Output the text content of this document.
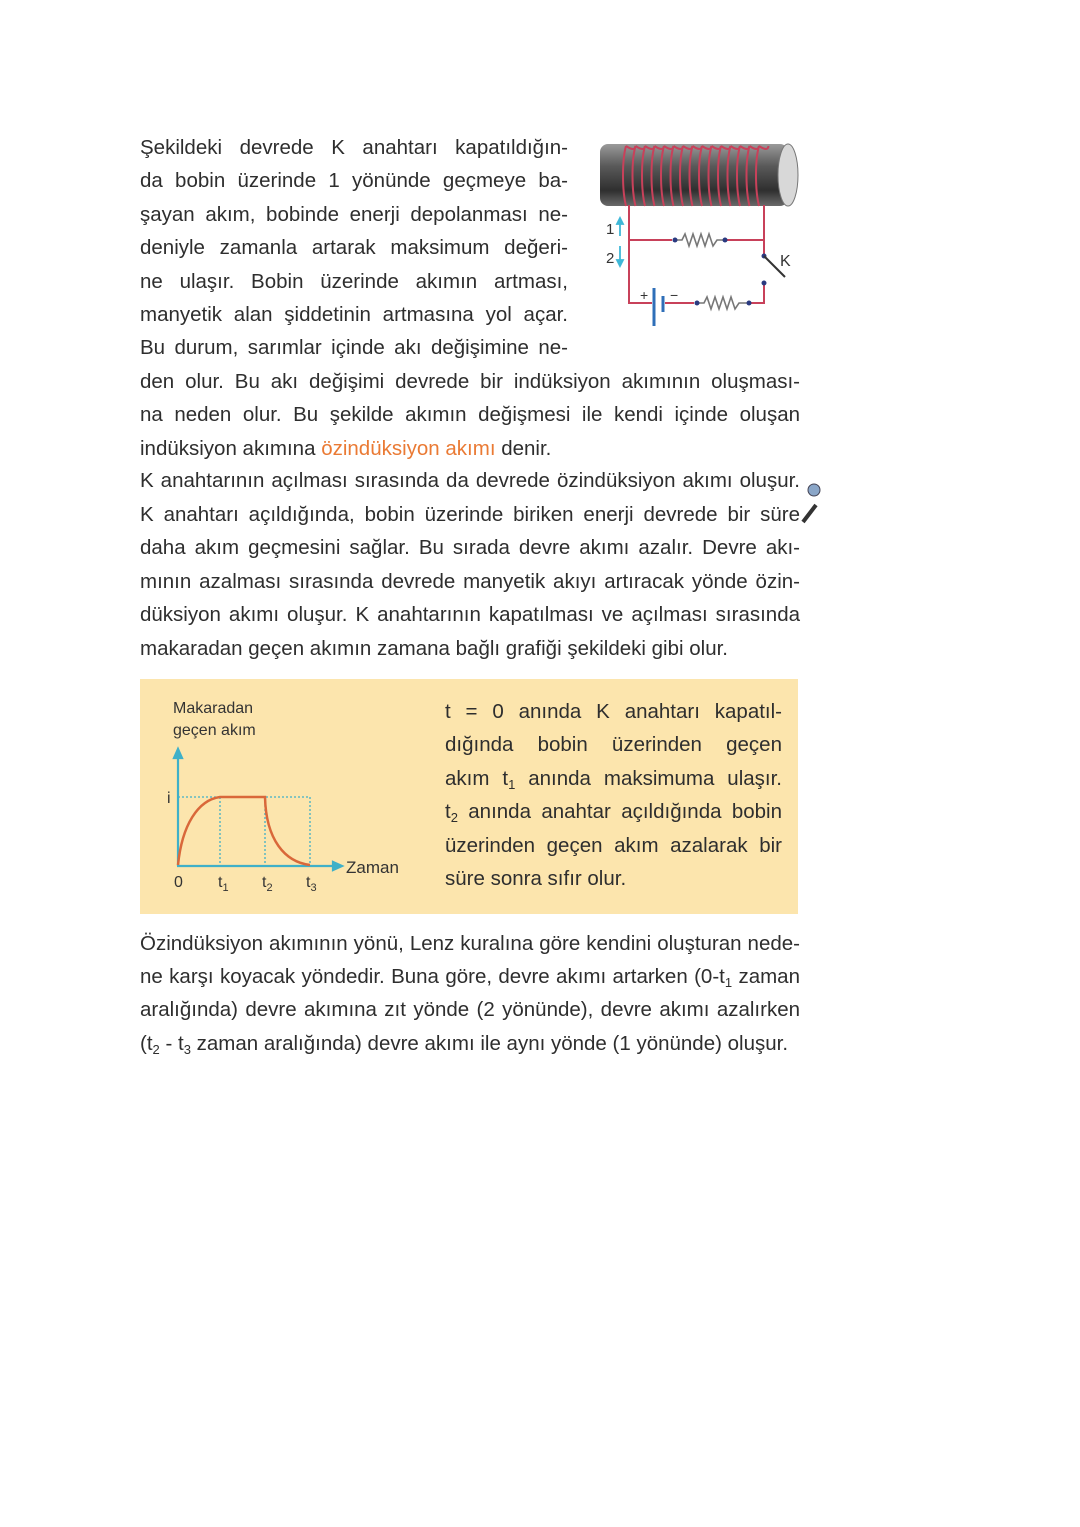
Şekildeki devrede K anahtarı kapatıldığın-
da bobin üzerinde 1 yönünde geçmeye ba-
şayan akım, bobinde enerji depolanması ne-
deniyle zamanla artarak maksimum değeri-
ne ulaşır. Bobin üzerinde akımın artması,
manyetik alan şiddetinin artmasına yol açar.
Bu durum, sarımlar içinde akı değişimine ne-
den olur. Bu akı değişimi devrede bir indüksiyon akımının oluşması-
na neden olur. Bu şekilde akımın değişmesi ile kendi içinde oluşan
indüksiyon akımına özindüksiyon akımı denir.
K anahtarının açılması sırasında da devrede özindüksiyon akımı oluşur.
K anahtarı açıldığında, bobin üzerinde biriken enerji devrede bir süre
daha akım geçmesini sağlar. Bu sırada devre akımı azalır. Devre akı-
mının azalması sırasında devrede manyetik akıyı artıracak yönde özin-
düksiyon akımı oluşur. K anahtarının kapatılması ve açılması sırasında
makaradan geçen akımın zamana bağlı grafiği şekildeki gibi olur.
1
2	K
+ −
Makaradan
geçen akım
i
Zaman
0 $t_1$ $t_2$ $t_3$
t = 0 anında K anahtarı kapatıl-
dığında bobin üzerinden geçen
akım $t_1$ anında maksimuma ulaşır.
$t_2$ anında anahtar açıldığında bobin
üzerinden geçen akım azalarak bir
süre sonra sıfır olur.
Özindüksiyon akımının yönü, Lenz kuralına göre kendini oluşturan nede-
ne karşı koyacak yöndedir. Buna göre, devre akımı artarken ($0-t_1$ zaman
aralığında) devre akımına zıt yönde (2 yönünde), devre akımı azalırken
($t_2 - t_3$ zaman aralığında) devre akımı ile aynı yönde (1 yönünde) oluşur.
